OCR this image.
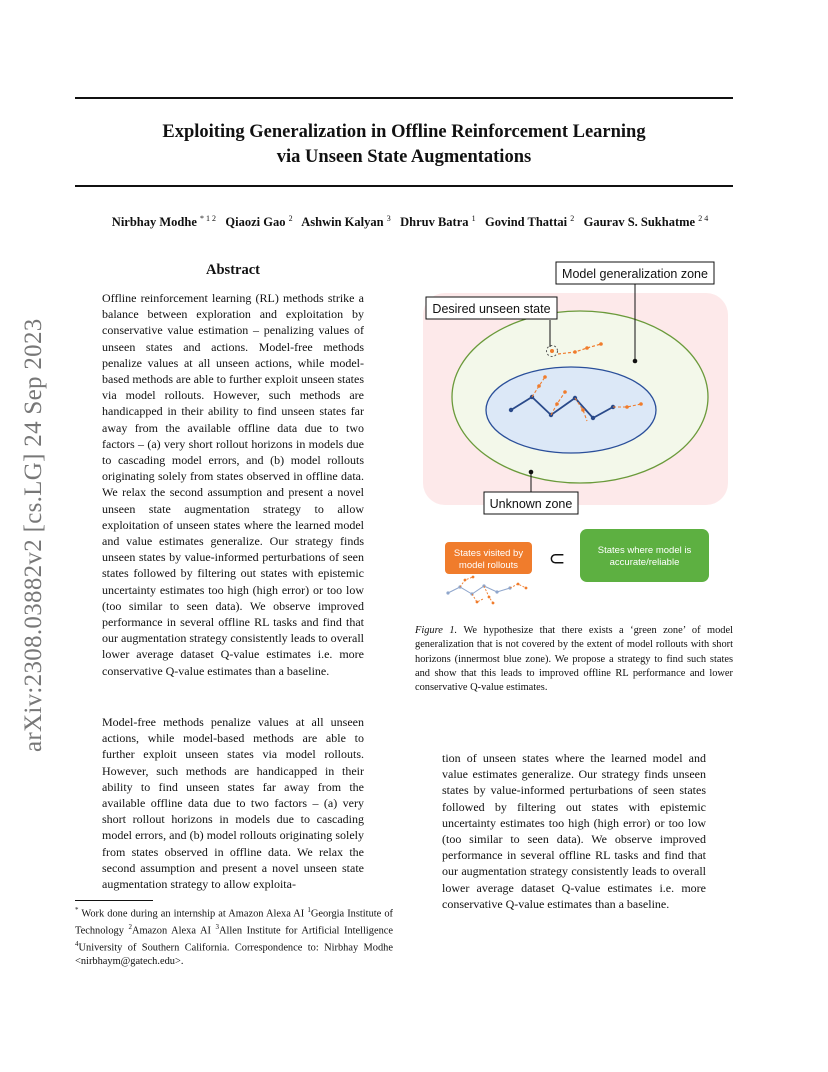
Exploiting Generalization in Offline Reinforcement Learning
via Unseen State Augmentations
Nirbhay Modhe $^{* 1 2}$ Qiaozi Gao $^2$ Ashwin Kalyan $^3$ Dhruv Batra $^1$ Govind Thattai $^2$ Gaurav S. Sukhatme $^{2 4}$
arXiv:2308.03882v2 [cs.LG] 24 Sep 2023
Abstract

Offline reinforcement learning (RL) methods strike a balance between exploration and exploitation by conservative value estimation – penalizing values of unseen states and actions. Model-free methods penalize values at all unseen actions, while model-based methods are able to further exploit unseen states via model rollouts. However, such methods are handicapped in their ability to find unseen states far away from the available offline data due to two factors – (a) very short rollout horizons in models due to cascading model errors, and (b) model rollouts originating solely from states observed in offline data. We relax the second assumption and present a novel unseen state augmentation strategy to allow exploitation of unseen states where the learned model and value estimates generalize. Our strategy finds unseen states by value-informed perturbations of seen states followed by filtering out states with epistemic uncertainty estimates too high (high error) or too low (too similar to seen data). We observe improved performance in several offline RL tasks and find that our augmentation strategy consistently leads to overall lower average dataset Q-value estimates i.e. more conservative Q-value estimates than a baseline.

Model-free methods penalize values at all unseen actions, while model-based methods are able to further exploit unseen states via model rollouts. However, such methods are handicapped in their ability to find unseen states far away from the available offline data due to two factors – (a) very short rollout horizons in models due to cascading model errors, and (b) model rollouts originating solely from states observed in offline data. We relax the second assumption and present a novel unseen state augmentation strategy to allow exploita-

* Work done during an internship at Amazon Alexa AI $^1$Georgia Institute of Technology $^2$Amazon Alexa AI $^3$Allen Institute for Artificial Intelligence $^4$University of Southern California. Correspondence to: Nirbhay Modhe <nirbhaym@gatech.edu>.

Model generalization zone
Desired unseen state
Unknown zone
States visited by
model rollouts ⊂	States where model is
accurate/reliable

Figure 1. We hypothesize that there exists a ‘green zone’ of model generalization that is not covered by the extent of model rollouts with short horizons (innermost blue zone). We propose a strategy to find such states and show that this leads to improved offline RL performance and lower conservative Q-value estimates.

tion of unseen states where the learned model and value estimates generalize. Our strategy finds unseen states by value-informed perturbations of seen states followed by filtering out states with epistemic uncertainty estimates too high (high error) or too low (too similar to seen data). We observe improved performance in several offline RL tasks and find that our augmentation strategy consistently leads to overall lower average dataset Q-value estimates i.e. more conservative Q-value estimates than a baseline.
